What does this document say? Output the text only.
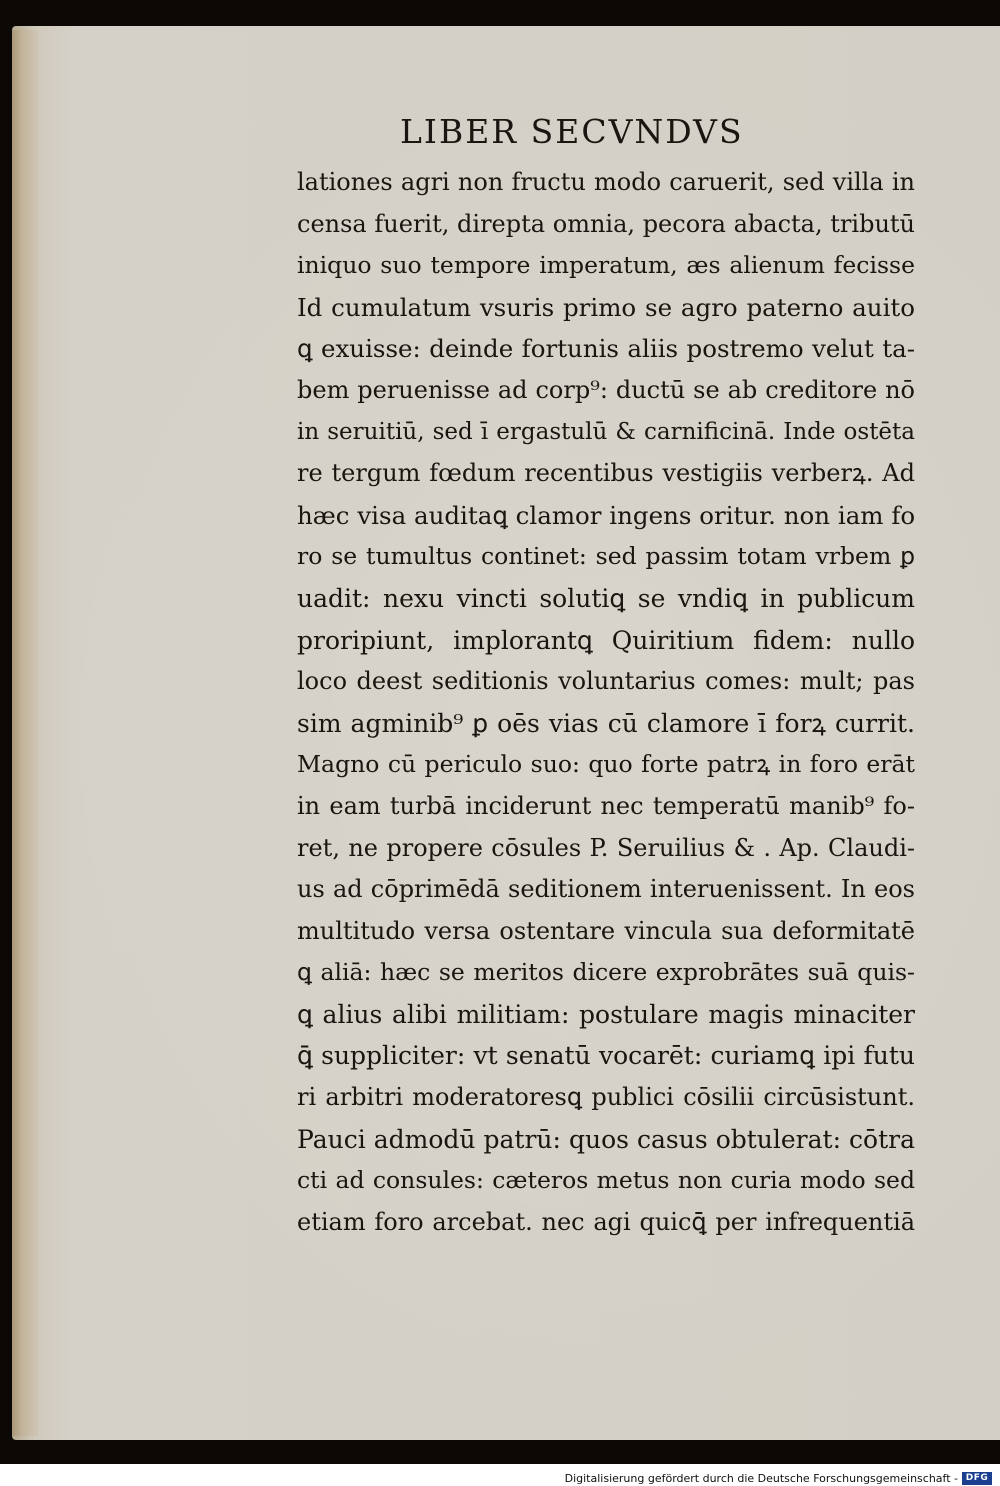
LIBER SECVNDVS
lationes agri non fructu modo caruerit, sed villa in
censa fuerit, direpta omnia, pecora abacta, tributū
iniquo suo tempore imperatum, æs alienum fecisse
Id cumulatum vsuris primo se agro paterno auito
ꝗ exuisse: deinde fortunis aliis postremo velut ta-
bem peruenisse ad corp⁹: ductū se ab creditore nō
in seruitiū, sed ī ergastulū & carnificinā. Inde ostēta
re tergum fœdum recentibus vestigiis verberꝝ. Ad
hæc visa auditaꝗ clamor ingens oritur. non iam fo
ro se tumultus continet: sed passim totam vrbem ꝑ
uadit: nexu vincti solutiꝗ se vndiꝗ in publicum
proripiunt, implorantꝗ Quiritium fidem: nullo
loco deest seditionis voluntarius comes: mult; pas
sim agminib⁹ ꝑ oēs vias cū clamore ī forꝝ currit.
Magno cū periculo suo: quo forte patrꝝ in foro erāt
in eam turbā inciderunt nec temperatū manib⁹ fo-
ret, ne propere cōsules P. Seruilius & . Ap. Claudi-
us ad cōprimēdā seditionem interuenissent. In eos
multitudo versa ostentare vincula sua deformitatē
ꝗ aliā: hæc se meritos dicere exprobrātes suā quis-
ꝗ alius alibi militiam: postulare magis minaciter
ꝗ̄ suppliciter: vt senatū vocarēt: curiamꝗ ipi futu
ri arbitri moderatoresꝗ publici cōsilii circūsistunt.
Pauci admodū patrū: quos casus obtulerat: cōtra
cti ad consules: cæteros metus non curia modo sed
etiam foro arcebat. nec agi quicꝗ̄ per infrequentiā
Digitalisierung gefördert durch die Deutsche Forschungsgemeinschaft - DFG
